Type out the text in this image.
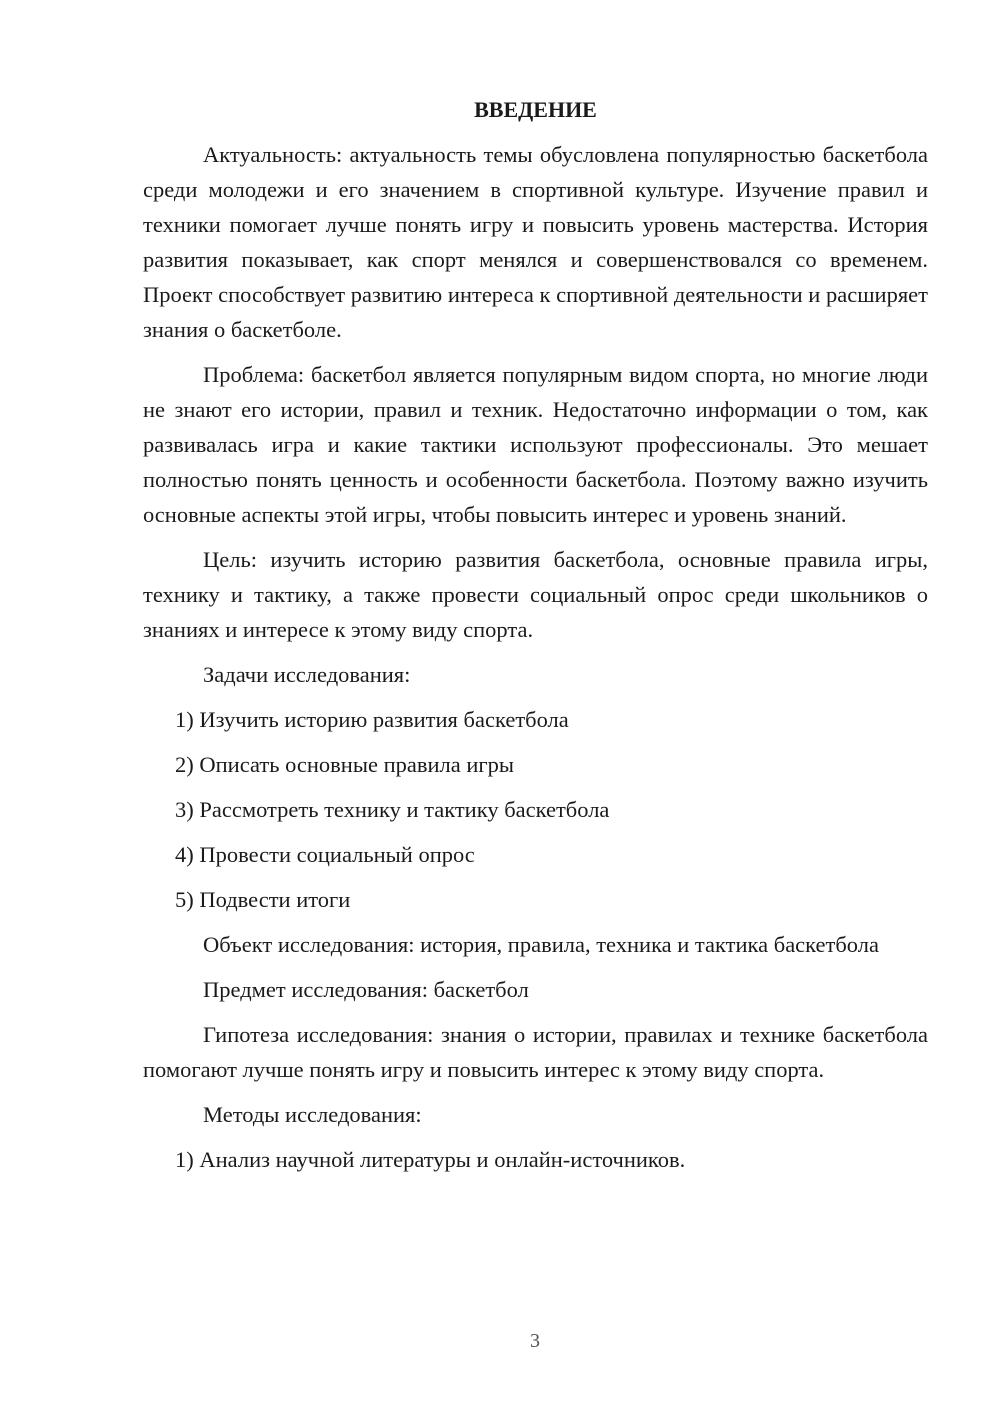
ВВЕДЕНИЕ

Актуальность: актуальность темы обусловлена популярностью баскетбола среди молодежи и его значением в спортивной культуре. Изучение правил и техники помогает лучше понять игру и повысить уровень мастерства. История развития показывает, как спорт менялся и совершенствовался со временем. Проект способствует развитию интереса к спортивной деятельности и расширяет знания о баскетболе.

Проблема: баскетбол является популярным видом спорта, но многие люди не знают его истории, правил и техник. Недостаточно информации о том, как развивалась игра и какие тактики используют профессионалы. Это мешает полностью понять ценность и особенности баскетбола. Поэтому важно изучить основные аспекты этой игры, чтобы повысить интерес и уровень знаний.

Цель: изучить историю развития баскетбола, основные правила игры, технику и тактику, а также провести социальный опрос среди школьников о знаниях и интересе к этому виду спорта.

Задачи исследования:

1) Изучить историю развития баскетбола

2) Описать основные правила игры

3) Рассмотреть технику и тактику баскетбола

4) Провести социальный опрос

5) Подвести итоги

Объект исследования: история, правила, техника и тактика баскетбола

Предмет исследования: баскетбол

Гипотеза исследования: знания о истории, правилах и технике баскетбола помогают лучше понять игру и повысить интерес к этому виду спорта.

Методы исследования:

1) Анализ научной литературы и онлайн-источников.

3
